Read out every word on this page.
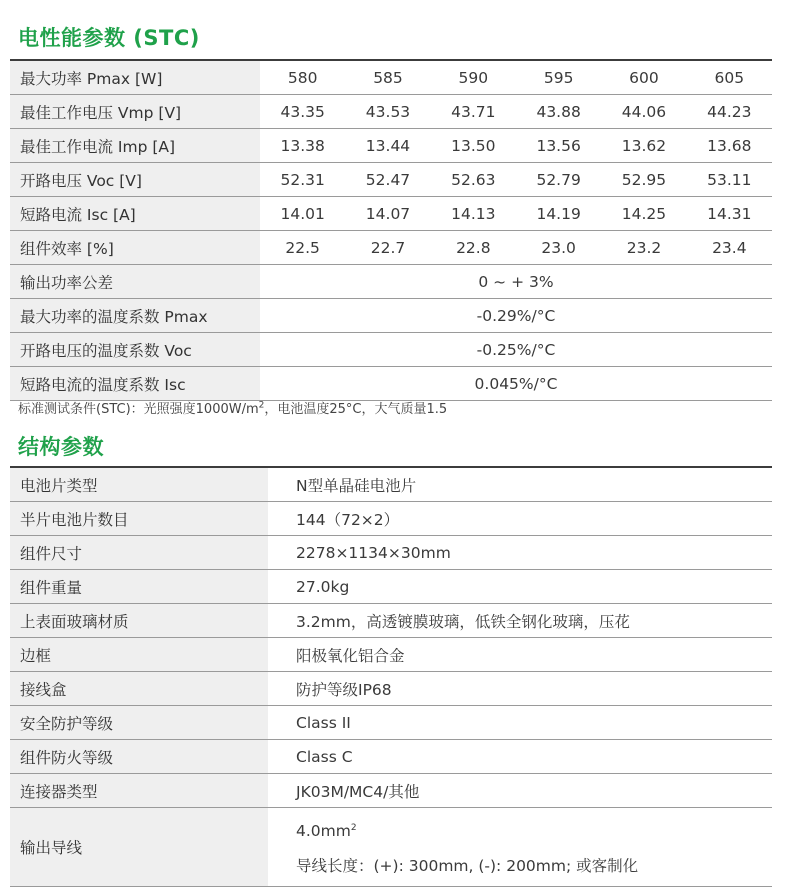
电性能参数 (STC)
最大功率 Pmax [W]	580	585	590	595	600	605
最佳工作电压 Vmp [V]	43.35	43.53	43.71	43.88	44.06	44.23
最佳工作电流 Imp [A]	13.38	13.44	13.50	13.56	13.62	13.68
开路电压 Voc [V]	52.31	52.47	52.63	52.79	52.95	53.11
短路电流 Isc [A]	14.01	14.07	14.13	14.19	14.25	14.31
组件效率 [%]	22.5	22.7	22.8	23.0	23.2	23.4
输出功率公差	0 ~ + 3%					
最大功率的温度系数 Pmax	-0.29%/°C					
开路电压的温度系数 Voc	-0.25%/°C					
短路电流的温度系数 Isc	0.045%/°C					

标准测试条件(STC)：光照强度$1000W/m^2$，电池温度25°C，大气质量1.5

结构参数
电池片类型	N型单晶硅电池片
半片电池片数目	144（72×2）
组件尺寸	2278×1134×30mm
组件重量	27.0kg
上表面玻璃材质	3.2mm，高透镀膜玻璃，低铁全钢化玻璃，压花
边框	阳极氧化铝合金
接线盒	防护等级IP68
安全防护等级	Class II
组件防火等级	Class C
连接器类型	JK03M/MC4/其他
输出导线	$4.0mm^2$
导线长度：(+): 300mm, (-): 200mm; 或客制化
